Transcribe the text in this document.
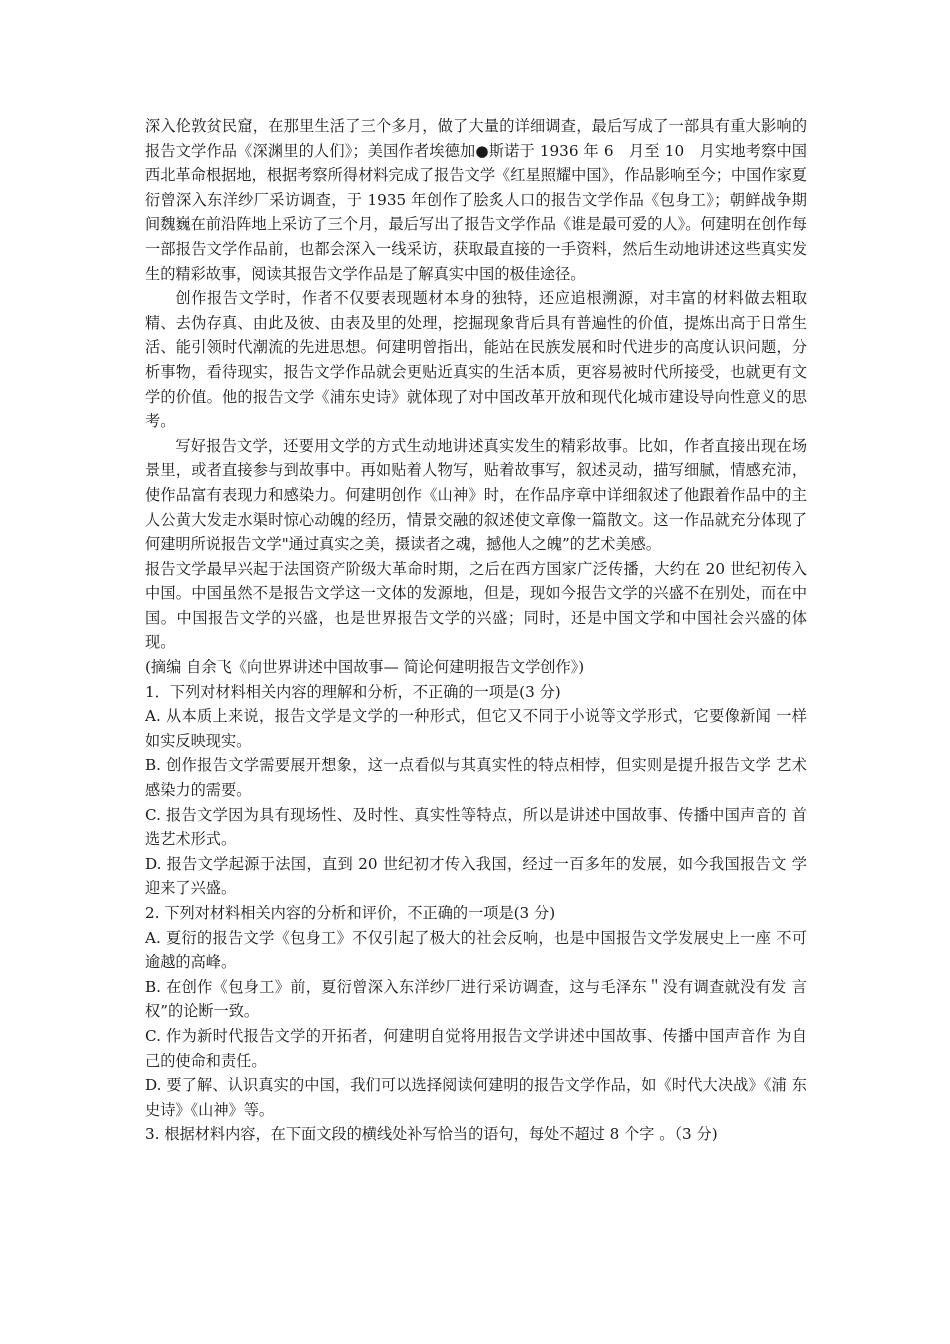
深入伦敦贫民窟，在那里生活了三个多月，做了大量的详细调查，最后写成了一部具有重大影响的报告文学作品《深渊里的人们》；美国作者埃德加●斯诺于 1936 年 6　月至 10　月实地考察中国西北革命根据地，根据考察所得材料完成了报告文学《红星照耀中国》，作品影响至今；中国作家夏衍曾深入东洋纱厂采访调查，于 1935 年创作了脍炙人口的报告文学作品《包身工》；朝鲜战争期间魏巍在前沿阵地上采访了三个月，最后写出了报告文学作品《谁是最可爱的人》。何建明在创作每一部报告文学作品前，也都会深入一线采访，获取最直接的一手资料，然后生动地讲述这些真实发生的精彩故事，阅读其报告文学作品是了解真实中国的极佳途径。

创作报告文学时，作者不仅要表现题材本身的独特，还应追根溯源，对丰富的材料做去粗取 精、去伪存真、由此及彼、由表及里的处理，挖掘现象背后具有普遍性的价值，提炼出高于日常生活、能引领时代潮流的先进思想。何建明曾指出，能站在民族发展和时代进步的高度认识问题，分析事物，看待现实，报告文学作品就会更贴近真实的生活本质，更容易被时代所接受，也就更有文学的价值。他的报告文学《浦东史诗》就体现了对中国改革开放和现代化城市建设导向性意义的思考。

写好报告文学，还要用文学的方式生动地讲述真实发生的精彩故事。比如，作者直接出现在场景里，或者直接参与到故事中。再如贴着人物写，贴着故事写，叙述灵动，描写细腻，情感充沛，使作品富有表现力和感染力。何建明创作《山神》时，在作品序章中详细叙述了他跟着作品中的主人公黄大发走水渠时惊心动魄的经历，情景交融的叙述使文章像一篇散文。这一作品就充分体现了何建明所说报告文学"通过真实之美，摄读者之魂，撼他人之魄”的艺术美感。

报告文学最早兴起于法国资产阶级大革命时期，之后在西方国家广泛传播，大约在 20 世纪初传入中国。中国虽然不是报告文学这一文体的发源地，但是，现如今报告文学的兴盛不在别处，而在中国。中国报告文学的兴盛，也是世界报告文学的兴盛；同时，还是中国文学和中国社会兴盛的体现。

(摘编 自余飞《向世界讲述中国故事— 简论何建明报告文学创作》)

1．下列对材料相关内容的理解和分析，不正确的一项是(3 分)

A. 从本质上来说，报告文学是文学的一种形式，但它又不同于小说等文学形式，它要像新闻 一样如实反映现实。

B. 创作报告文学需要展开想象，这一点看似与其真实性的特点相悖，但实则是提升报告文学 艺术感染力的需要。

C. 报告文学因为具有现场性、及时性、真实性等特点，所以是讲述中国故事、传播中国声音的 首选艺术形式。

D. 报告文学起源于法国，直到 20 世纪初才传入我国，经过一百多年的发展，如今我国报告文 学迎来了兴盛。

2. 下列对材料相关内容的分析和评价，不正确的一项是(3 分)

A. 夏衍的报告文学《包身工》不仅引起了极大的社会反响，也是中国报告文学发展史上一座 不可逾越的高峰。

B. 在创作《包身工》前，夏衍曾深入东洋纱厂进行采访调查，这与毛泽东＂没有调查就没有发 言权”的论断一致。

C. 作为新时代报告文学的开拓者，何建明自觉将用报告文学讲述中国故事、传播中国声音作 为自己的使命和责任。

D. 要了解、认识真实的中国，我们可以选择阅读何建明的报告文学作品，如《时代大决战》《浦 东史诗》《山神》等。

3. 根据材料内容，在下面文段的横线处补写恰当的语句，每处不超过 8 个字 。（3 分)
